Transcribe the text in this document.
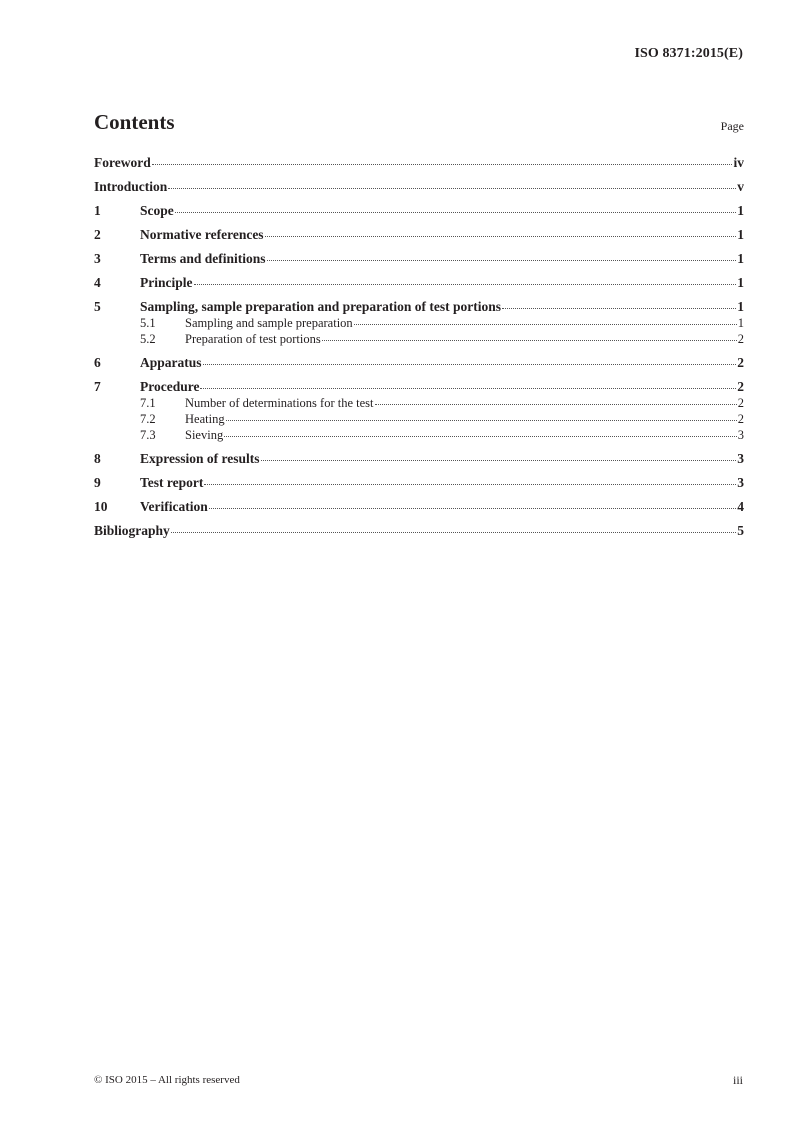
ISO 8371:2015(E)
Contents	Page
Foreword	iv
Introduction	v
1	Scope	1
2	Normative references	1
3	Terms and definitions	1
4	Principle	1
5	Sampling, sample preparation and preparation of test portions	1
5.1	Sampling and sample preparation	1
5.2	Preparation of test portions	2
6	Apparatus	2
7	Procedure	2
7.1	Number of determinations for the test	2
7.2	Heating	2
7.3	Sieving	3
8	Expression of results	3
9	Test report	3
10	Verification	4
Bibliography	5
© ISO 2015 – All rights reserved	iii
